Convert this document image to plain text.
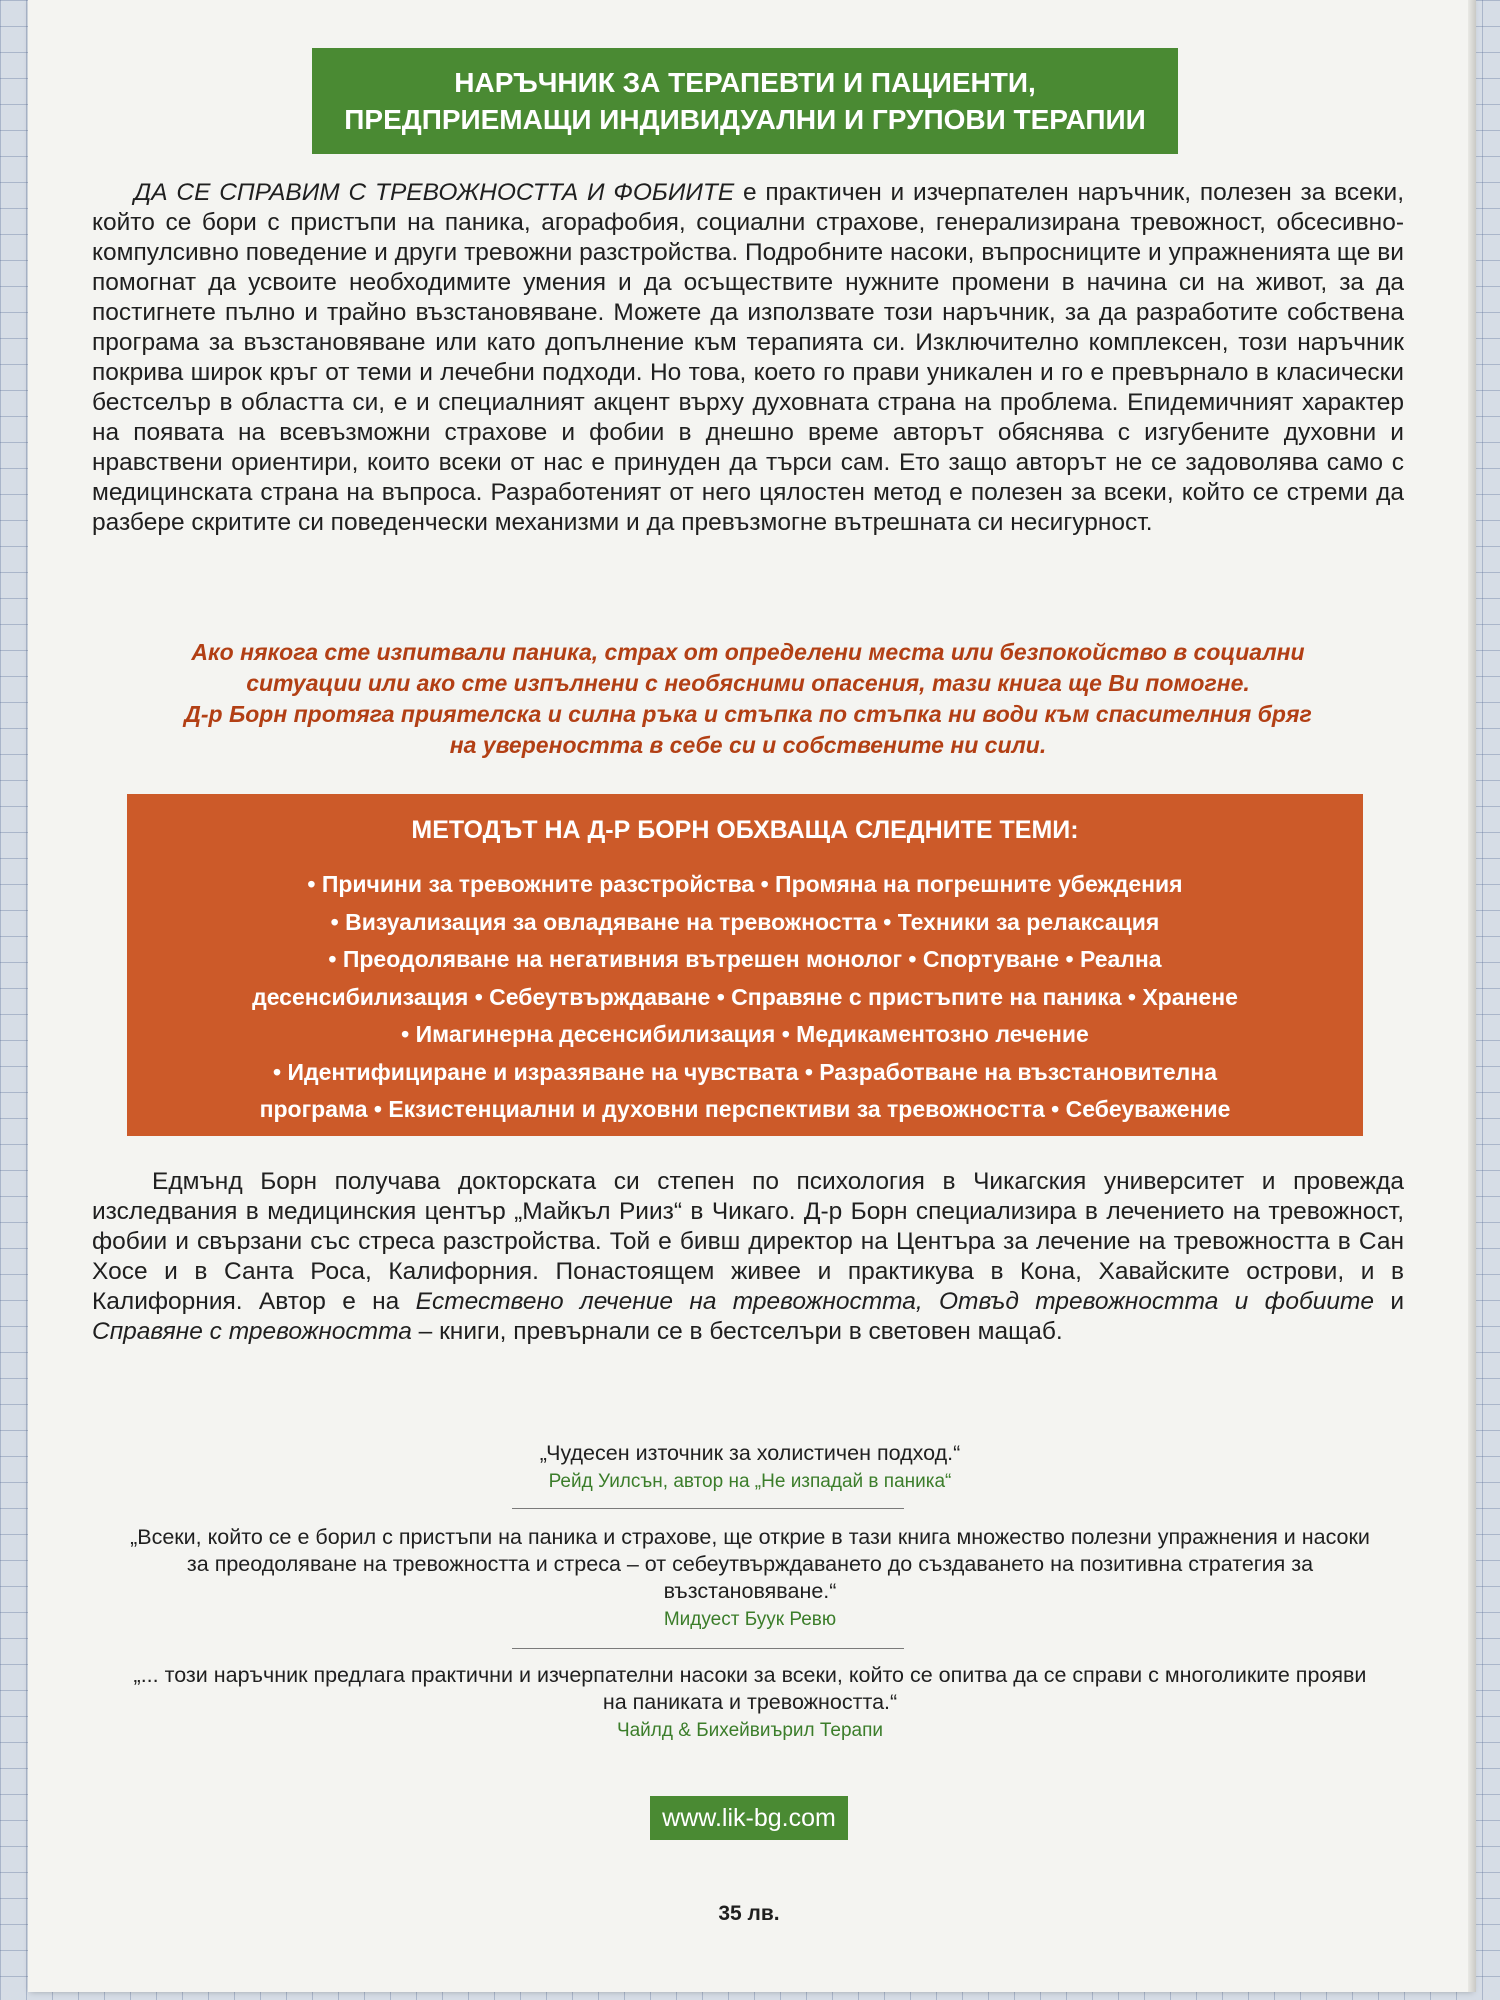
НАРЪЧНИК ЗА ТЕРАПЕВТИ И ПАЦИЕНТИ,
ПРЕДПРИЕМАЩИ ИНДИВИДУАЛНИ И ГРУПОВИ ТЕРАПИИ

ДА СЕ СПРАВИМ С ТРЕВОЖНОСТТА И ФОБИИТЕ е практичен и изчерпателен наръчник, полезен за всеки, който се бори с пристъпи на паника, агорафобия, социални страхове, генерализирана тревожност, обсесивно-компулсивно поведение и други тревожни разстройства. Подробните насоки, въпросниците и упражненията ще ви помогнат да усвоите необходимите умения и да осъществите нужните промени в начина си на живот, за да постигнете пълно и трайно възстановяване. Можете да използвате този наръчник, за да разработите собствена програма за възстановяване или като допълнение към терапията си. Изключително комплексен, този наръчник покрива широк кръг от теми и лечебни подходи. Но това, което го прави уникален и го е превърнало в класически бестселър в областта си, е и специалният акцент върху духовната страна на проблема. Епидемичният характер на появата на всевъзможни страхове и фобии в днешно време авторът обяснява с изгубените духовни и нравствени ориентири, които всеки от нас е принуден да търси сам. Ето защо авторът не се задоволява само с медицинската страна на въпроса. Разработеният от него цялостен метод е полезен за всеки, който се стреми да разбере скритите си поведенчески механизми и да превъзмогне вътрешната си несигурност.

Ако някога сте изпитвали паника, страх от определени места или безпокойство в социални
ситуации или ако сте изпълнени с необясними опасения, тази книга ще Ви помогне.
Д-р Борн протяга приятелска и силна ръка и стъпка по стъпка ни води към спасителния бряг
на увереността в себе си и собствените ни сили.
МЕТОДЪТ НА Д-Р БОРН ОБХВАЩА СЛЕДНИТЕ ТЕМИ:
• Причини за тревожните разстройства • Промяна на погрешните убеждения
• Визуализация за овладяване на тревожността • Техники за релаксация
• Преодоляване на негативния вътрешен монолог • Спортуване • Реална
десенсибилизация • Себеутвърждаване • Справяне с пристъпите на паника • Хранене
• Имагинерна десенсибилизация • Медикаментозно лечение
• Идентифициране и изразяване на чувствата • Разработване на възстановителна
програма • Екзистенциални и духовни перспективи за тревожността • Себеуважение

Едмънд Борн получава докторската си степен по психология в Чикагския университет и провежда изследвания в медицинския център „Майкъл Рииз“ в Чикаго. Д-р Борн специализира в лечението на тревожност, фобии и свързани със стреса разстройства. Той е бивш директор на Центъра за лечение на тревожността в Сан Хосе и в Санта Роса, Калифорния. Понастоящем живее и практикува в Кона, Хавайските острови, и в Калифорния. Автор е на Естествено лечение на тревожността, Отвъд тревожността и фобиите и Справяне с тревожността – книги, превърнали се в бестселъри в световен мащаб.

„Чудесен източник за холистичен подход.“
Рейд Уилсън, автор на „Не изпадай в паника“
„Всеки, който се е борил с пристъпи на паника и страхове, ще открие в тази книга множество полезни упражнения и насоки за преодоляване на тревожността и стреса – от себеутвърждаването до създаването на позитивна стратегия за възстановяване.“
Мидуест Буук Ревю
„... този наръчник предлага практични и изчерпателни насоки за всеки, който се опитва да се справи с многоликите прояви на паниката и тревожността.“
Чайлд & Бихейвиърил Терапи
www.lik-bg.com
35 лв.
